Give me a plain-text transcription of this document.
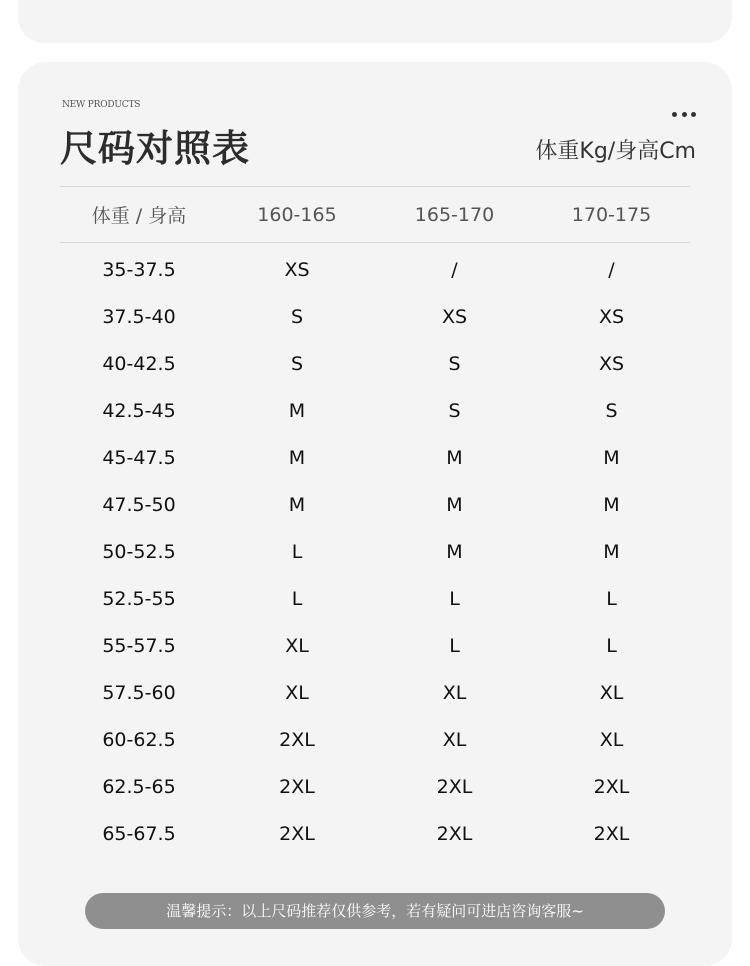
NEW PRODUCTS
尺码对照表	体重Kg/身高Cm
体重 / 身高	160-165	165-170	170-175
35-37.5	XS	/	/
37.5-40	S	XS	XS
40-42.5	S	S	XS
42.5-45	M	S	S
45-47.5	M	M	M
47.5-50	M	M	M
50-52.5	L	M	M
52.5-55	L	L	L
55-57.5	XL	L	L
57.5-60	XL	XL	XL
60-62.5	2XL	XL	XL
62.5-65	2XL	2XL	2XL
65-67.5	2XL	2XL	2XL
温馨提示：以上尺码推荐仅供参考，若有疑问可进店咨询客服~
